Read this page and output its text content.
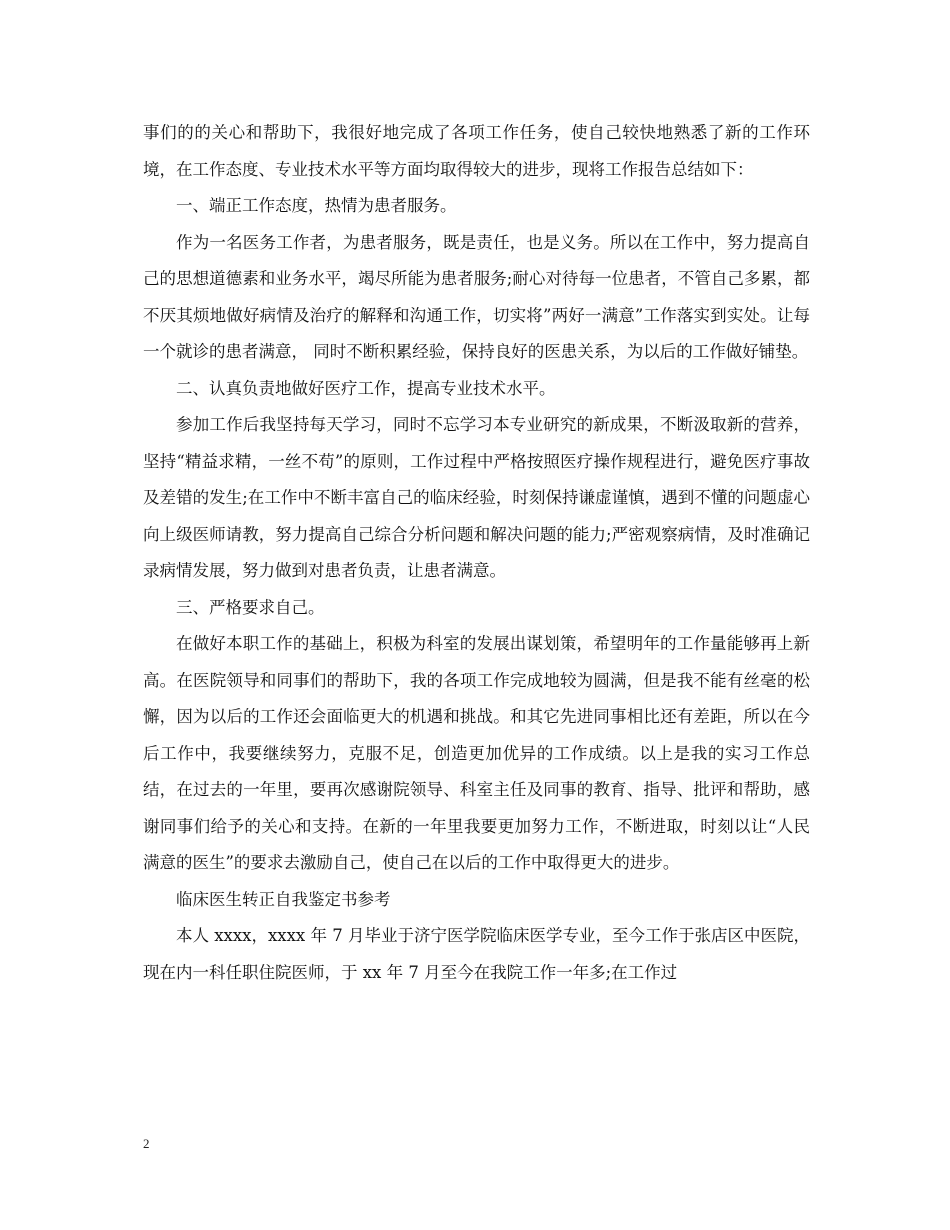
事们的的关心和帮助下，我很好地完成了各项工作任务，使自己较快地熟悉了新的工作环境，在工作态度、专业技术水平等方面均取得较大的进步，现将工作报告总结如下：

一、端正工作态度，热情为患者服务。

作为一名医务工作者，为患者服务，既是责任，也是义务。所以在工作中，努力提高自己的思想道德素和业务水平，竭尽所能为患者服务;耐心对待每一位患者，不管自己多累，都不厌其烦地做好病情及治疗的解释和沟通工作，切实将”两好一满意”工作落实到实处。让每一个就诊的患者满意， 同时不断积累经验，保持良好的医患关系，为以后的工作做好铺垫。

二、认真负责地做好医疗工作，提高专业技术水平。

参加工作后我坚持每天学习，同时不忘学习本专业研究的新成果，不断汲取新的营养，坚持“精益求精，一丝不苟”的原则，工作过程中严格按照医疗操作规程进行，避免医疗事故及差错的发生;在工作中不断丰富自己的临床经验，时刻保持谦虚谨慎，遇到不懂的问题虚心向上级医师请教，努力提高自己综合分析问题和解决问题的能力;严密观察病情，及时准确记录病情发展，努力做到对患者负责，让患者满意。

三、严格要求自己。

在做好本职工作的基础上，积极为科室的发展出谋划策，希望明年的工作量能够再上新高。在医院领导和同事们的帮助下，我的各项工作完成地较为圆满，但是我不能有丝毫的松懈，因为以后的工作还会面临更大的机遇和挑战。和其它先进同事相比还有差距，所以在今后工作中，我要继续努力，克服不足，创造更加优异的工作成绩。以上是我的实习工作总结，在过去的一年里，要再次感谢院领导、科室主任及同事的教育、指导、批评和帮助，感谢同事们给予的关心和支持。在新的一年里我要更加努力工作，不断进取，时刻以让“人民满意的医生”的要求去激励自己，使自己在以后的工作中取得更大的进步。

临床医生转正自我鉴定书参考

本人 xxxx，xxxx 年 7 月毕业于济宁医学院临床医学专业，至今工作于张店区中医院，现在内一科任职住院医师，于 xx 年 7 月至今在我院工作一年多;在工作过

2
